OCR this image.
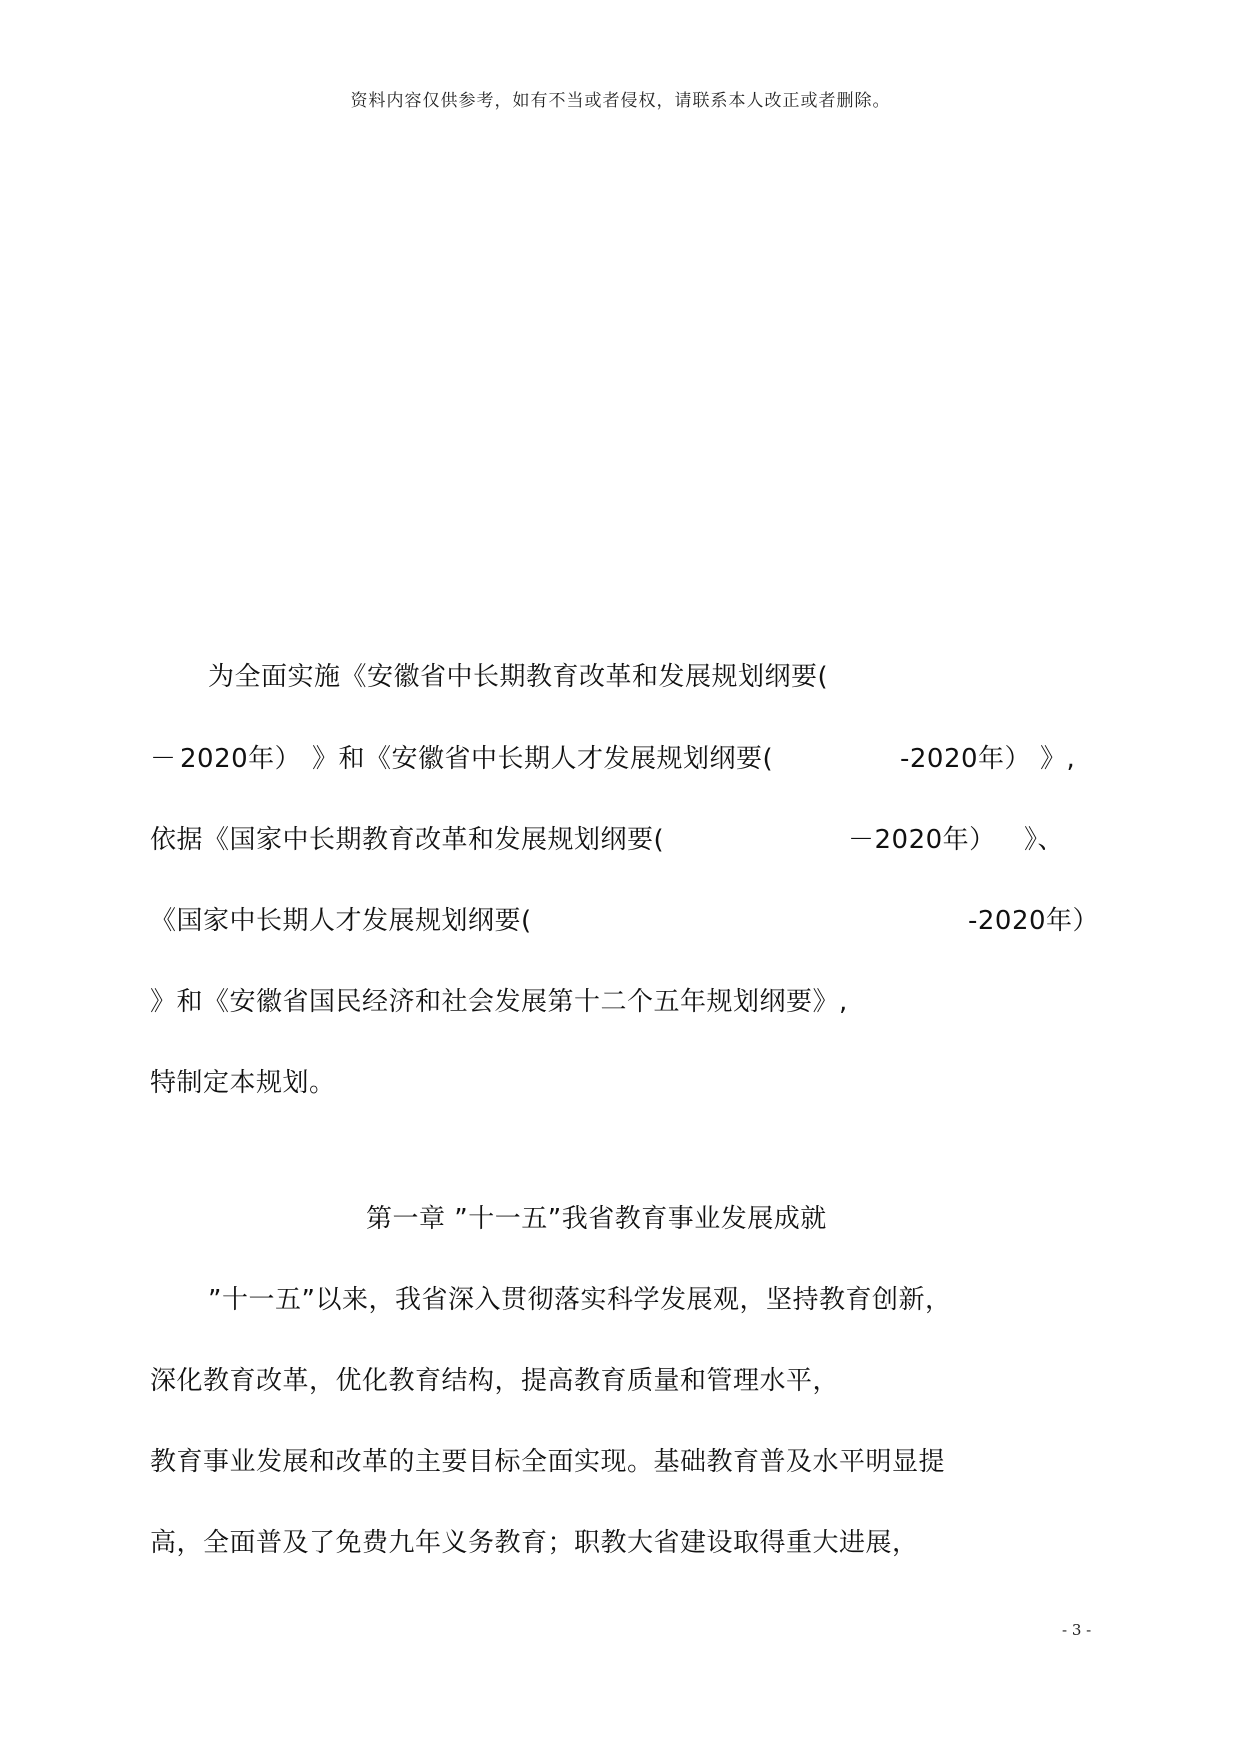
资料内容仅供参考，如有不当或者侵权，请联系本人改正或者删除。
为全面实施《安徽省中长期教育改革和发展规划纲要(
－ 2020年） 》和《安徽省中长期人才发展规划纲要(	-2020年） 》,
依据《国家中长期教育改革和发展规划纲要(	－2020年） 》、
《国家中长期人才发展规划纲要(	-2020年）
》和《安徽省国民经济和社会发展第十二个五年规划纲要》,
特制定本规划。
第一章 ”十一五”我省教育事业发展成就
”十一五”以来，我省深入贯彻落实科学发展观，坚持教育创新，
深化教育改革，优化教育结构，提高教育质量和管理水平，
教育事业发展和改革的主要目标全面实现。基础教育普及水平明显提
高，全面普及了免费九年义务教育；职教大省建设取得重大进展，
- 3 -
